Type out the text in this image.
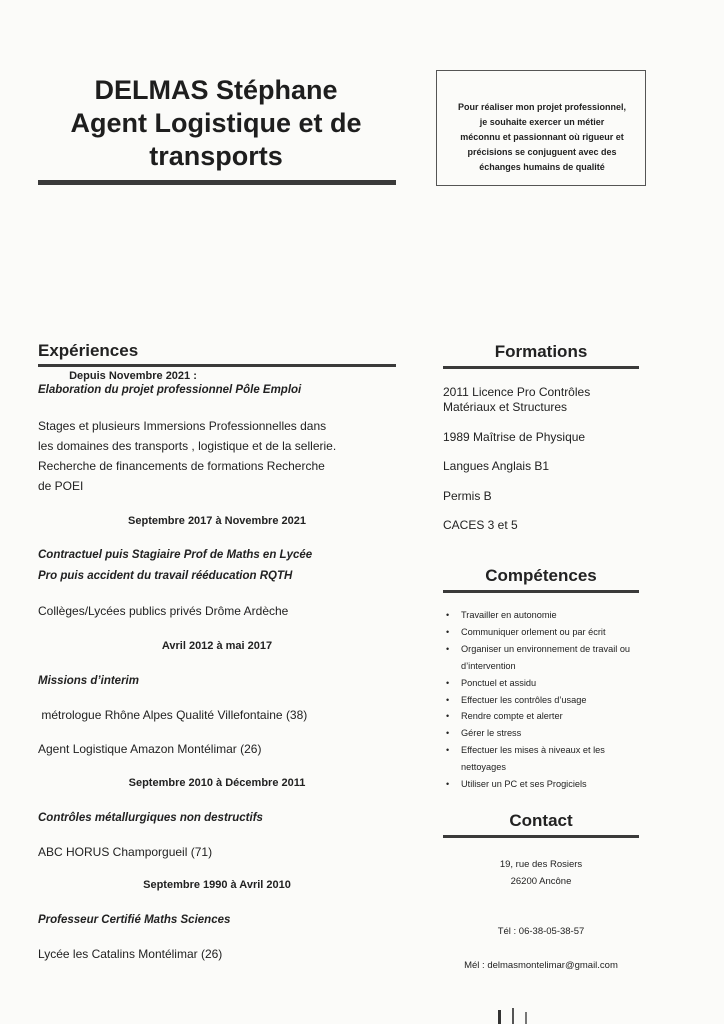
DELMAS Stéphane
Agent Logistique et de
transports
Pour réaliser mon projet professionnel,
je souhaite exercer un métier
méconnu et passionnant où rigueur et
précisions se conjuguent avec des
échanges humains de qualité
Expériences
Depuis Novembre 2021 :
Elaboration du projet professionnel Pôle Emploi
Stages et plusieurs Immersions Professionnelles dans
les domaines des transports , logistique et de la sellerie.
Recherche de financements de formations Recherche
de POEI
Septembre 2017 à Novembre 2021
Contractuel puis Stagiaire Prof de Maths en Lycée
Pro puis accident du travail rééducation RQTH
Collèges/Lycées publics privés Drôme Ardèche
Avril 2012 à mai 2017
Missions d’interim
métrologue Rhône Alpes Qualité Villefontaine (38)
Agent Logistique Amazon Montélimar (26)
Septembre 2010 à Décembre 2011
Contrôles métallurgiques non destructifs
ABC HORUS Champorgueil (71)
Septembre 1990 à Avril 2010
Professeur Certifié Maths Sciences
Lycée les Catalins Montélimar (26)
Formations
2011 Licence Pro Contrôles
Matériaux et Structures
1989 Maîtrise de Physique
Langues Anglais B1
Permis B
CACES 3 et 5
Compétences
• Travailler en autonomie
• Communiquer orlement ou par écrit
• Organiser un environnement de travail ou d’intervention
• Ponctuel et assidu
• Effectuer les contrôles d’usage
• Rendre compte et alerter
• Gérer le stress
• Effectuer les mises à niveaux et les nettoyages
• Utiliser un PC et ses Progiciels
Contact
19, rue des Rosiers
26200 Ancône
Tél : 06-38-05-38-57
Mél : delmasmontelimar@gmail.com
